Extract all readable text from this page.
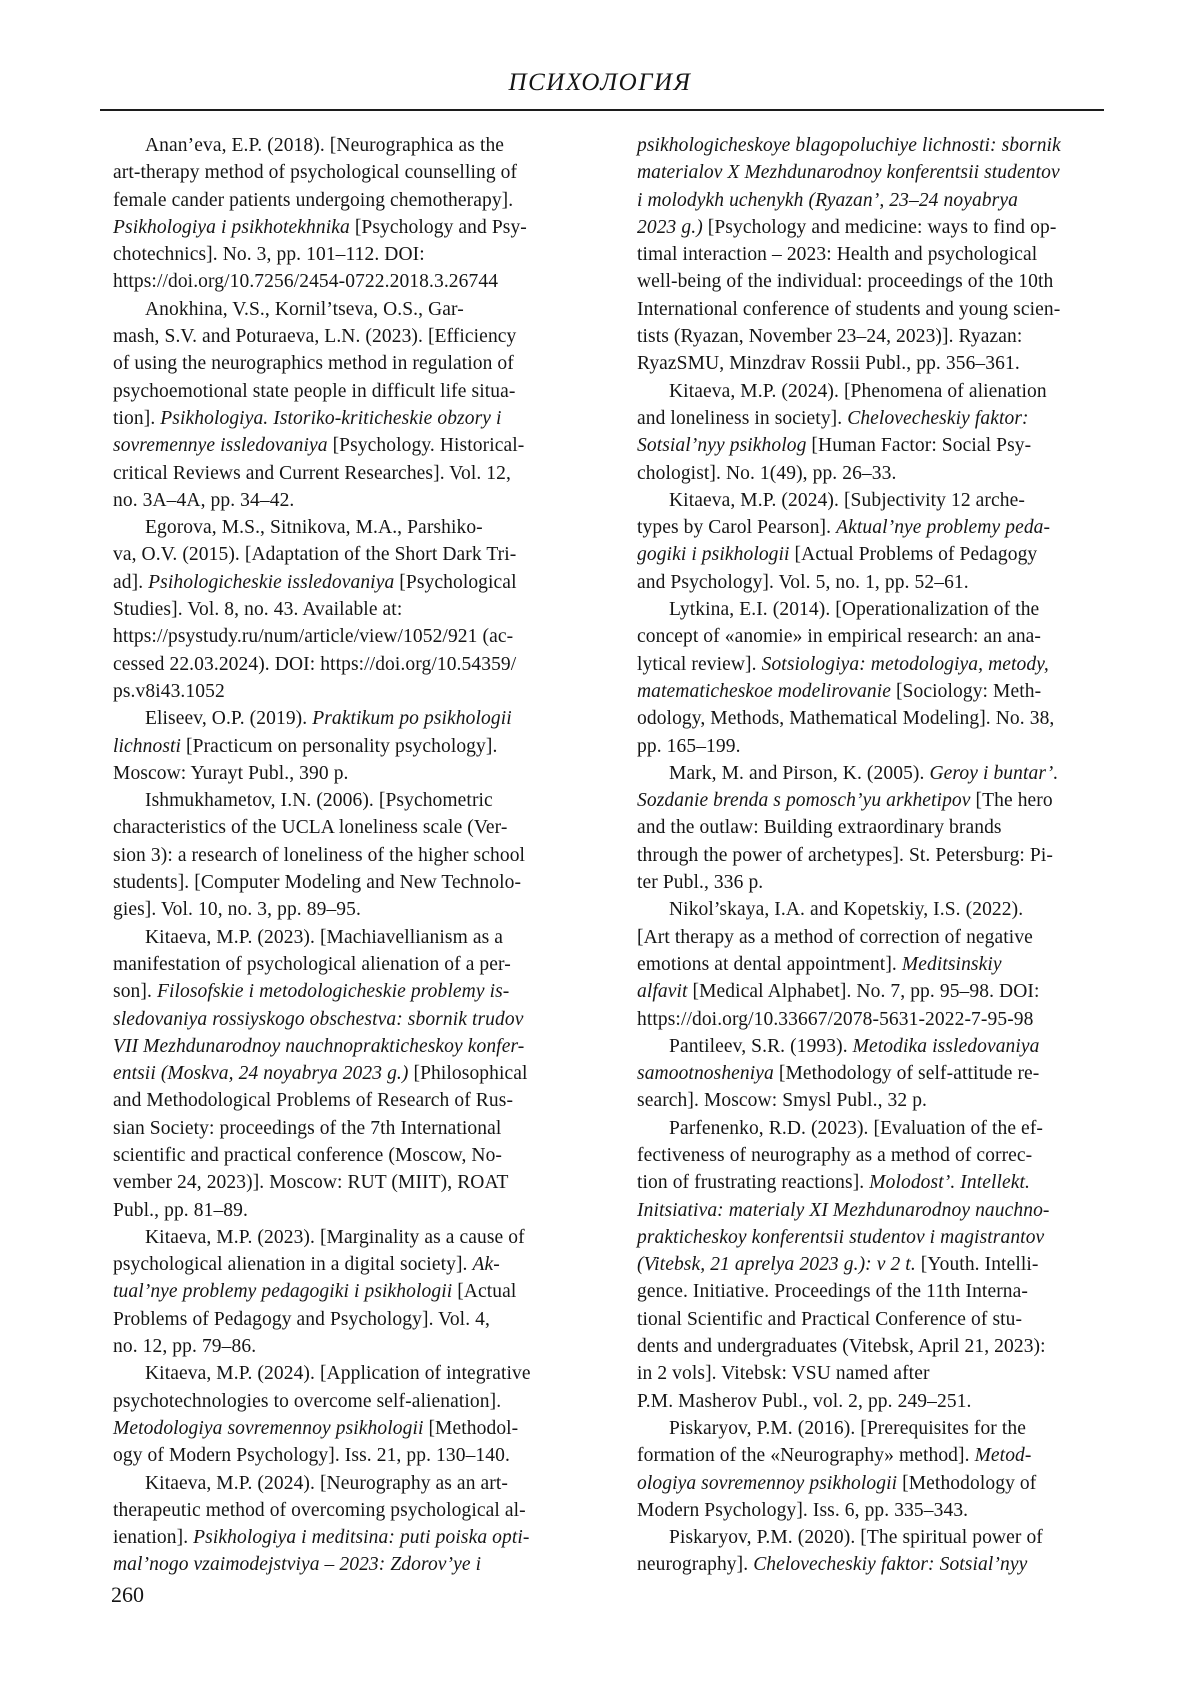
ПСИХОЛОГИЯ
Anan’eva, E.P. (2018). [Neurographica as the
art-therapy method of psychological counselling of
female cander patients undergoing chemotherapy].
Psikhologiya i psikhotekhnika [Psychology and Psy-
chotechnics]. No. 3, pp. 101–112. DOI:
https://doi.org/10.7256/2454-0722.2018.3.26744
Anokhina, V.S., Kornil’tseva, O.S., Gar-
mash, S.V. and Poturaeva, L.N. (2023). [Efficiency
of using the neurographics method in regulation of
psychoemotional state people in difficult life situa-
tion]. Psikhologiya. Istoriko-kriticheskie obzory i
sovremennye issledovaniya [Psychology. Historical-
critical Reviews and Current Researches]. Vol. 12,
no. 3A–4A, pp. 34–42.
Egorova, M.S., Sitnikova, M.A., Parshiko-
va, O.V. (2015). [Adaptation of the Short Dark Tri-
ad]. Psihologicheskie issledovaniya [Psychological
Studies]. Vol. 8, no. 43. Available at:
https://psystudy.ru/num/article/view/1052/921 (ac-
cessed 22.03.2024). DOI: https://doi.org/10.54359/
ps.v8i43.1052
Eliseev, O.P. (2019). Praktikum po psikhologii
lichnosti [Practicum on personality psychology].
Moscow: Yurayt Publ., 390 p.
Ishmukhametov, I.N. (2006). [Psychometric
characteristics of the UCLA loneliness scale (Ver-
sion 3): a research of loneliness of the higher school
students]. [Computer Modeling and New Technolo-
gies]. Vol. 10, no. 3, pp. 89–95.
Kitaeva, M.P. (2023). [Machiavellianism as a
manifestation of psychological alienation of a per-
son]. Filosofskie i metodologicheskie problemy is-
sledovaniya rossiyskogo obschestva: sbornik trudov
VII Mezhdunarodnoy nauchnoprakticheskoy konfer-
entsii (Moskva, 24 noyabrya 2023 g.) [Philosophical
and Methodological Problems of Research of Rus-
sian Society: proceedings of the 7th International
scientific and practical conference (Moscow, No-
vember 24, 2023)]. Moscow: RUT (MIIT), ROAT
Publ., pp. 81–89.
Kitaeva, M.P. (2023). [Marginality as a cause of
psychological alienation in a digital society]. Ak-
tual’nye problemy pedagogiki i psikhologii [Actual
Problems of Pedagogy and Psychology]. Vol. 4,
no. 12, pp. 79–86.
Kitaeva, M.P. (2024). [Application of integrative
psychotechnologies to overcome self-alienation].
Metodologiya sovremennoy psikhologii [Methodol-
ogy of Modern Psychology]. Iss. 21, pp. 130–140.
Kitaeva, M.P. (2024). [Neurography as an art-
therapeutic method of overcoming psychological al-
ienation]. Psikhologiya i meditsina: puti poiska opti-
mal’nogo vzaimodejstviya – 2023: Zdorov’ye i
psikhologicheskoye blagopoluchiye lichnosti: sbornik
materialov X Mezhdunarodnoy konferentsii studentov
i molodykh uchenykh (Ryazan’, 23–24 noyabrya
2023 g.) [Psychology and medicine: ways to find op-
timal interaction – 2023: Health and psychological
well-being of the individual: proceedings of the 10th
International conference of students and young scien-
tists (Ryazan, November 23–24, 2023)]. Ryazan:
RyazSMU, Minzdrav Rossii Publ., pp. 356–361.
Kitaeva, M.P. (2024). [Phenomena of alienation
and loneliness in society]. Chelovecheskiy faktor:
Sotsial’nyy psikholog [Human Factor: Social Psy-
chologist]. No. 1(49), pp. 26–33.
Kitaeva, M.P. (2024). [Subjectivity 12 arche-
types by Carol Pearson]. Aktual’nye problemy peda-
gogiki i psikhologii [Actual Problems of Pedagogy
and Psychology]. Vol. 5, no. 1, pp. 52–61.
Lytkina, E.I. (2014). [Operationalization of the
concept of «anomie» in empirical research: an ana-
lytical review]. Sotsiologiya: metodologiya, metody,
matematicheskoe modelirovanie [Sociology: Meth-
odology, Methods, Mathematical Modeling]. No. 38,
pp. 165–199.
Mark, M. and Pirson, K. (2005). Geroy i buntar’.
Sozdanie brenda s pomosch’yu arkhetipov [The hero
and the outlaw: Building extraordinary brands
through the power of archetypes]. St. Petersburg: Pi-
ter Publ., 336 p.
Nikol’skaya, I.A. and Kopetskiy, I.S. (2022).
[Art therapy as a method of correction of negative
emotions at dental appointment]. Meditsinskiy
alfavit [Medical Alphabet]. No. 7, pp. 95–98. DOI:
https://doi.org/10.33667/2078-5631-2022-7-95-98
Pantileev, S.R. (1993). Metodika issledovaniya
samootnosheniya [Methodology of self-attitude re-
search]. Moscow: Smysl Publ., 32 p.
Parfenenko, R.D. (2023). [Evaluation of the ef-
fectiveness of neurography as a method of correc-
tion of frustrating reactions]. Molodost’. Intellekt.
Initsiativa: materialy XI Mezhdunarodnoy nauchno-
prakticheskoy konferentsii studentov i magistrantov
(Vitebsk, 21 aprelya 2023 g.): v 2 t. [Youth. Intelli-
gence. Initiative. Proceedings of the 11th Interna-
tional Scientific and Practical Conference of stu-
dents and undergraduates (Vitebsk, April 21, 2023):
in 2 vols]. Vitebsk: VSU named after
P.M. Masherov Publ., vol. 2, pp. 249–251.
Piskaryov, P.M. (2016). [Prerequisites for the
formation of the «Neurography» method]. Metod-
ologiya sovremennoy psikhologii [Methodology of
Modern Psychology]. Iss. 6, pp. 335–343.
Piskaryov, P.M. (2020). [The spiritual power of
neurography]. Chelovecheskiy faktor: Sotsial’nyy
260
